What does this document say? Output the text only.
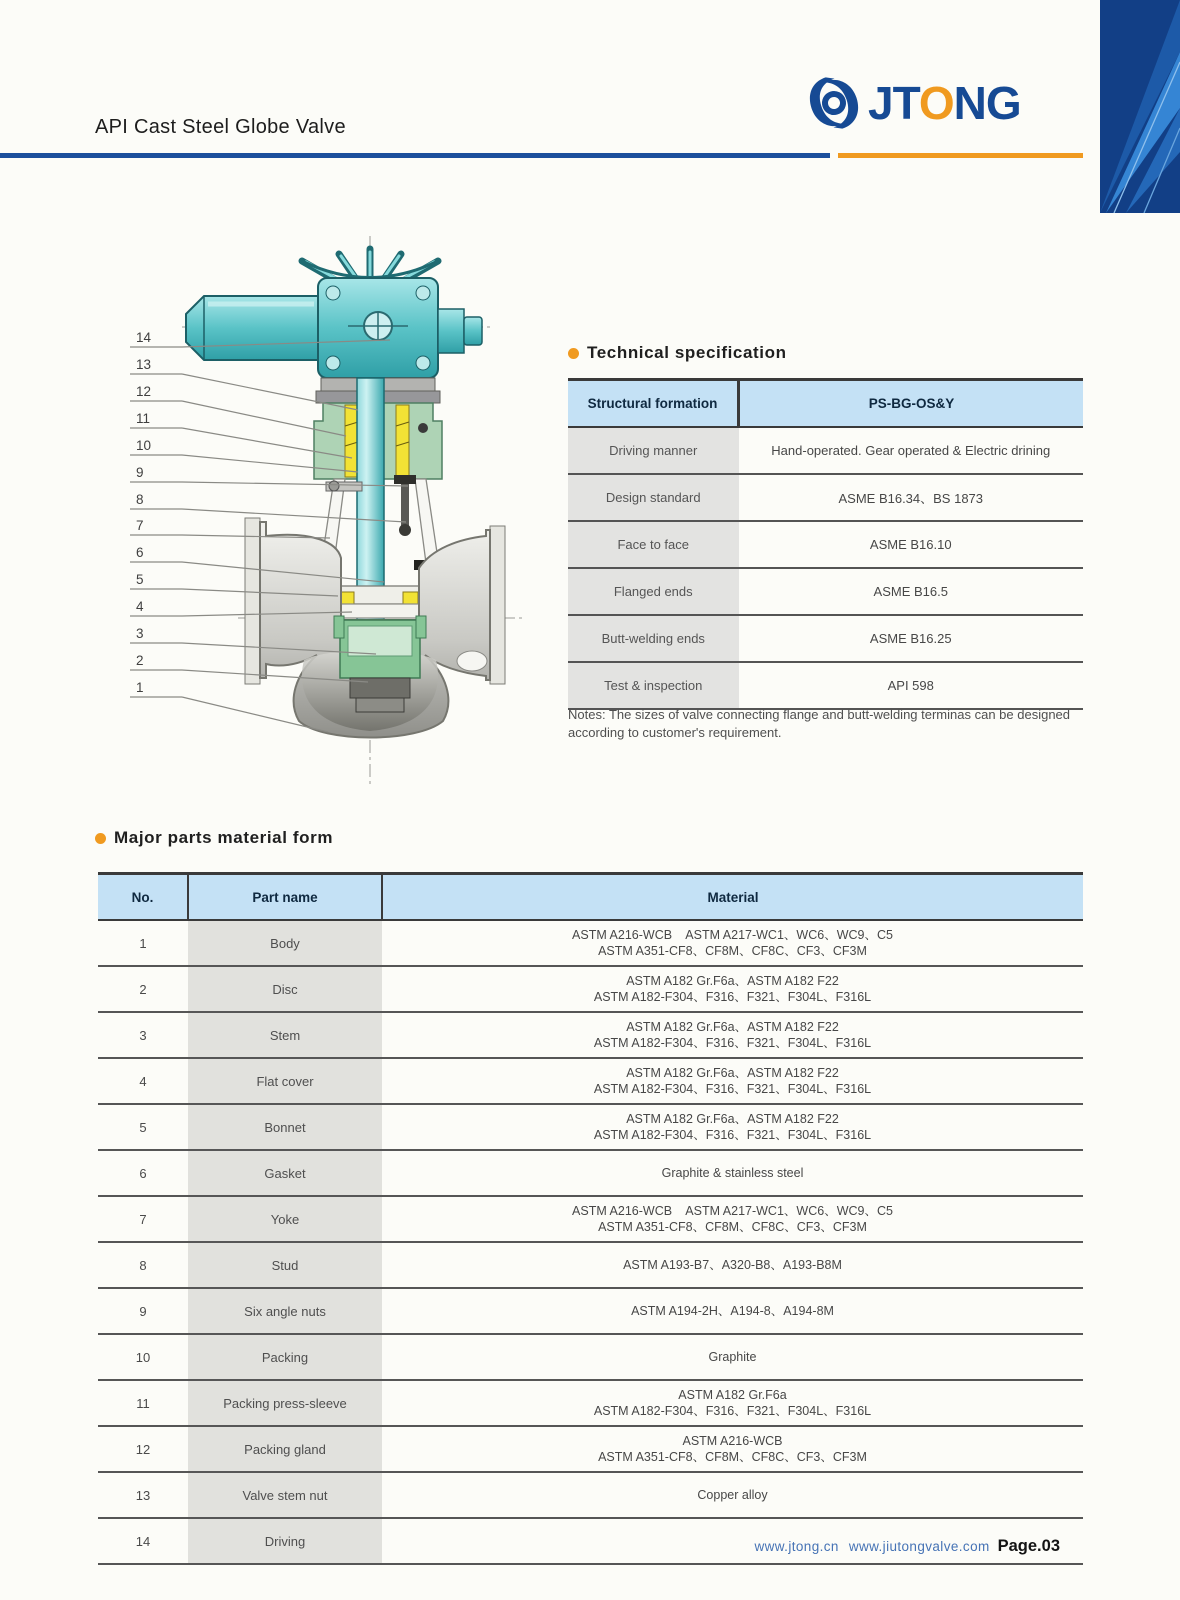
API Cast Steel Globe Valve	JTONG
14
13
12
11
10
9
8
7
6
5
4
3
2
1
Technical specification
Structural formation	PS-BG-OS&Y
Driving manner	Hand-operated. Gear operated & Electric drining
Design standard	ASME B16.34、BS 1873
Face to face	ASME B16.10
Flanged ends	ASME B16.5
Butt-welding ends	ASME B16.25
Test & inspection	API 598
Notes: The sizes of valve connecting flange and butt-welding terminas can be designed according to customer's requirement.
Major parts material form
No.	Part name	Material
1	Body	ASTM A216-WCB    ASTM A217-WC1、WC6、WC9、C5
ASTM A351-CF8、CF8M、CF8C、CF3、CF3M

2	Disc	ASTM A182 Gr.F6a、ASTM A182 F22
ASTM A182-F304、F316、F321、F304L、F316L

3	Stem	ASTM A182 Gr.F6a、ASTM A182 F22
ASTM A182-F304、F316、F321、F304L、F316L

4	Flat cover	ASTM A182 Gr.F6a、ASTM A182 F22
ASTM A182-F304、F316、F321、F304L、F316L

5	Bonnet	ASTM A182 Gr.F6a、ASTM A182 F22
ASTM A182-F304、F316、F321、F304L、F316L

6	Gasket	Graphite & stainless steel

7	Yoke	ASTM A216-WCB    ASTM A217-WC1、WC6、WC9、C5
ASTM A351-CF8、CF8M、CF8C、CF3、CF3M

8	Stud	ASTM A193-B7、A320-B8、A193-B8M

9	Six angle nuts	ASTM A194-2H、A194-8、A194-8M

10	Packing	Graphite

11	Packing press-sleeve	ASTM A182 Gr.F6a
ASTM A182-F304、F316、F321、F304L、F316L

12	Packing gland	ASTM A216-WCB
ASTM A351-CF8、CF8M、CF8C、CF3、CF3M

13	Valve stem nut	Copper alloy

14	Driving		www.jtong.cn www.jiutongvalve.com Page.03
